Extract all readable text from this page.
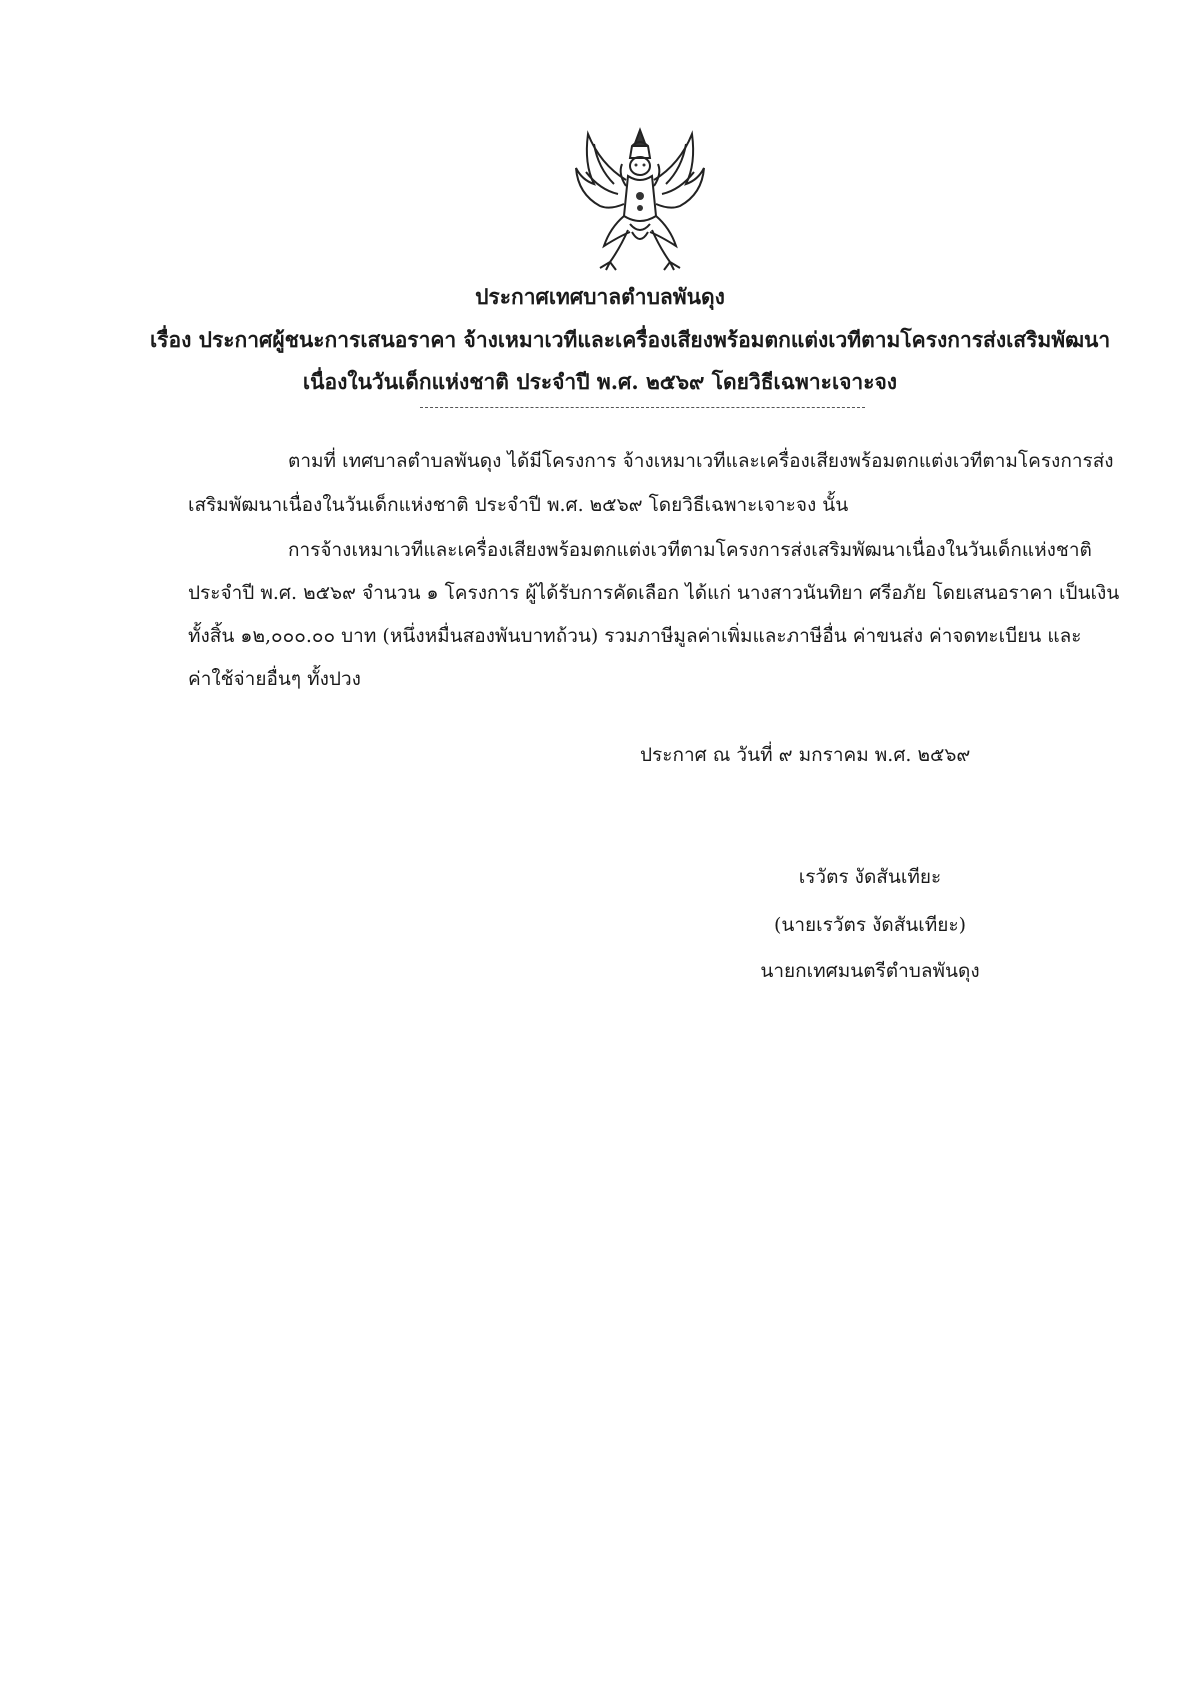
ประกาศเทศบาลตำบลพันดุง
เรื่อง ประกาศผู้ชนะการเสนอราคา จ้างเหมาเวทีและเครื่องเสียงพร้อมตกแต่งเวทีตามโครงการส่งเสริมพัฒนา
เนื่องในวันเด็กแห่งชาติ ประจำปี พ.ศ. ๒๕๖๙ โดยวิธีเฉพาะเจาะจง
ตามที่ เทศบาลตำบลพันดุง ได้มีโครงการ จ้างเหมาเวทีและเครื่องเสียงพร้อมตกแต่งเวทีตามโครงการส่ง
เสริมพัฒนาเนื่องในวันเด็กแห่งชาติ ประจำปี พ.ศ. ๒๕๖๙ โดยวิธีเฉพาะเจาะจง นั้น
การจ้างเหมาเวทีและเครื่องเสียงพร้อมตกแต่งเวทีตามโครงการส่งเสริมพัฒนาเนื่องในวันเด็กแห่งชาติ
ประจำปี พ.ศ. ๒๕๖๙ จำนวน ๑ โครงการ ผู้ได้รับการคัดเลือก ได้แก่ นางสาวนันทิยา ศรีอภัย โดยเสนอราคา เป็นเงิน
ทั้งสิ้น ๑๒,๐๐๐.๐๐ บาท (หนึ่งหมื่นสองพันบาทถ้วน) รวมภาษีมูลค่าเพิ่มและภาษีอื่น ค่าขนส่ง ค่าจดทะเบียน และ
ค่าใช้จ่ายอื่นๆ ทั้งปวง
ประกาศ ณ วันที่ ๙ มกราคม พ.ศ. ๒๕๖๙
เรวัตร งัดสันเทียะ
(นายเรวัตร งัดสันเทียะ)
นายกเทศมนตรีตำบลพันดุง
